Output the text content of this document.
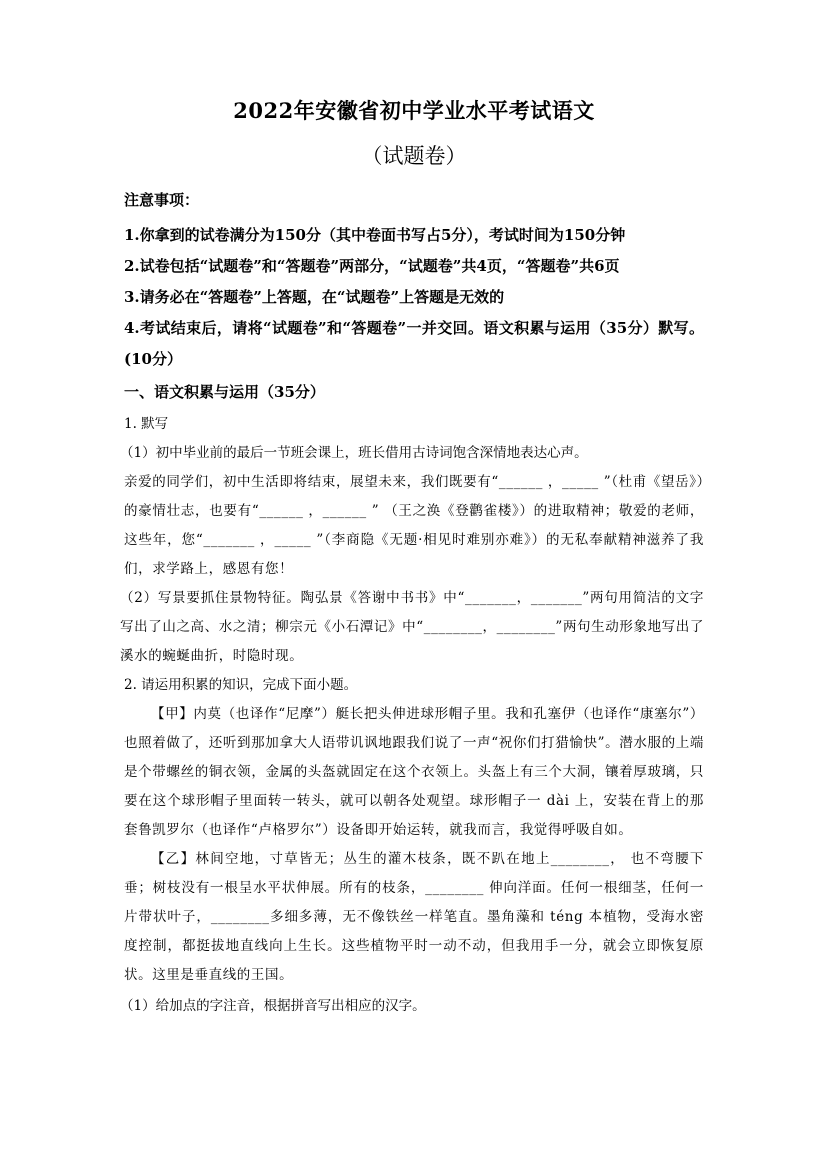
2022年安徽省初中学业水平考试语文
（试题卷）

注意事项：

1.你拿到的试卷满分为150分（其中卷面书写占5分），考试时间为150分钟

2.试卷包括“试题卷”和“答题卷”两部分，“试题卷”共4页，“答题卷”共6页

3.请务必在“答题卷”上答题，在“试题卷”上答题是无效的

4.考试结束后，请将“试题卷”和“答题卷”一并交回。语文积累与运用（35分）默写。(10分）

一、语文积累与运用（35分）

1. 默写

（1）初中毕业前的最后一节班会课上，班长借用古诗词饱含深情地表达心声。

亲爱的同学们，初中生活即将结束，展望未来，我们既要有“______ ，_____ ”（杜甫《望岳》）的豪情壮志，也要有“______ ，______ ” （王之涣《登鹳雀楼》）的进取精神；敬爱的老师，这些年，您“_______ ，_____ ”（李商隐《无题·相见时难别亦难》）的无私奉献精神滋养了我们，求学路上，感恩有您！

（2）写景要抓住景物特征。陶弘景《答谢中书书》中“_______，_______”两句用简洁的文字写出了山之高、水之清；柳宗元《小石潭记》中“________，________”两句生动形象地写出了溪水的蜿蜒曲折，时隐时现。

2. 请运用积累的知识，完成下面小题。

【甲】内莫（也译作“尼摩”）艇长把头伸进球形帽子里。我和孔塞伊（也译作“康塞尔”）也照着做了，还听到那加拿大人语带讥讽地跟我们说了一声“祝你们打猎愉快”。潜水服的上端是个带螺丝的铜衣领，金属的头盔就固定在这个衣领上。头盔上有三个大洞，镶着厚玻璃，只要在这个球形帽子里面转一转头，就可以朝各处观望。球形帽子一 dài 上，安装在背上的那套鲁凯罗尔（也译作“卢格罗尔”）设备即开始运转，就我而言，我觉得呼吸自如。

【乙】林间空地，寸草皆无；丛生的灌木枝条，既不趴在地上________， 也不弯腰下垂；树枝没有一根呈水平状伸展。所有的枝条，________ 伸向洋面。任何一根细茎，任何一片带状叶子，________多细多薄，无不像铁丝一样笔直。墨角藻和 téng 本植物，受海水密度控制，都挺拔地直线向上生长。这些植物平时一动不动，但我用手一分，就会立即恢复原状。这里是垂直线的王国。

（1）给加点的字注音，根据拼音写出相应的汉字。
